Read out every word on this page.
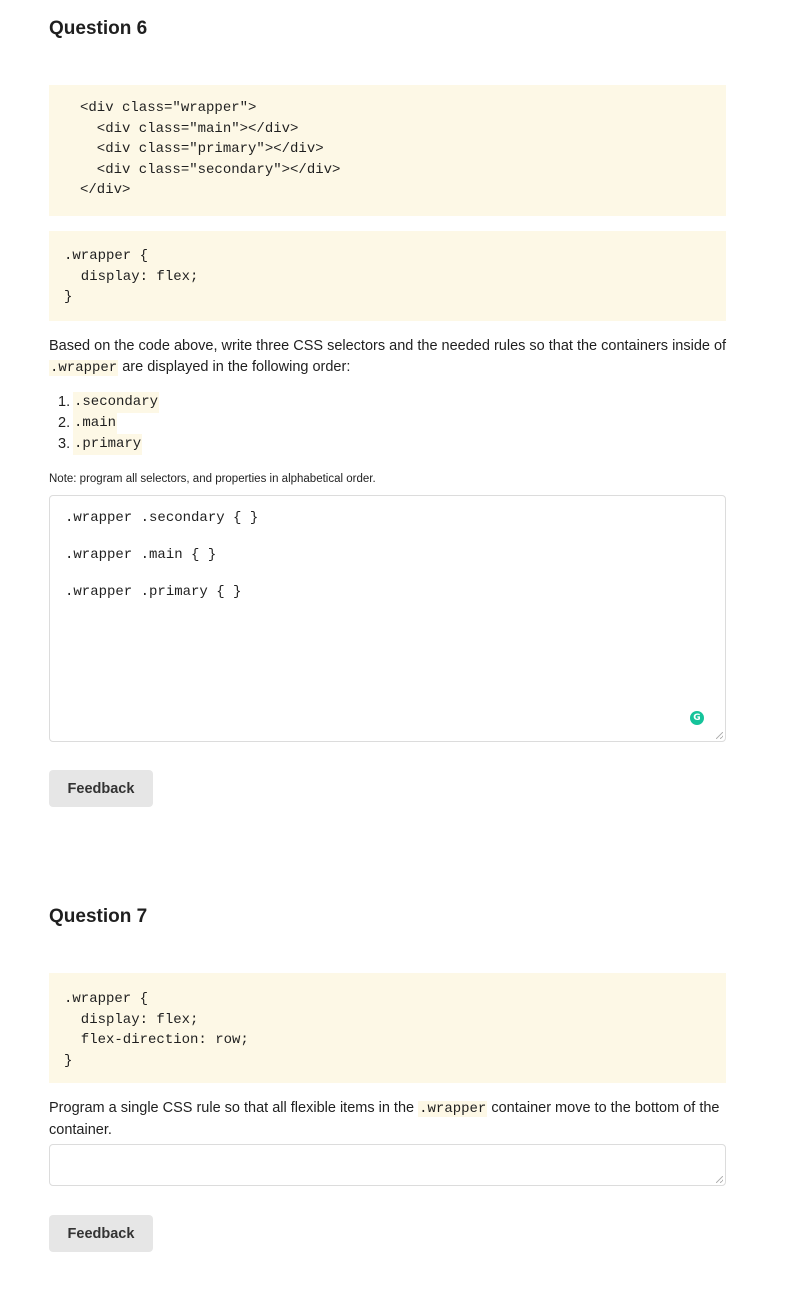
Question 6
<div class="wrapper">
<div class="main"></div>
<div class="primary"></div>
<div class="secondary"></div>
</div>
.wrapper {
display: flex;
}

Based on the code above, write three CSS selectors and the needed rules so that the containers inside of .wrapper are displayed in the following order:

1. .secondary
2. .main
3. .primary

Note: program all selectors, and properties in alphabetical order.

.wrapper .secondary { }
.wrapper .main { }
.wrapper .primary { }
G
Feedback
Question 7
.wrapper {
display: flex;
flex-direction: row;
}

Program a single CSS rule so that all flexible items in the .wrapper container move to the bottom of the container.

Feedback
